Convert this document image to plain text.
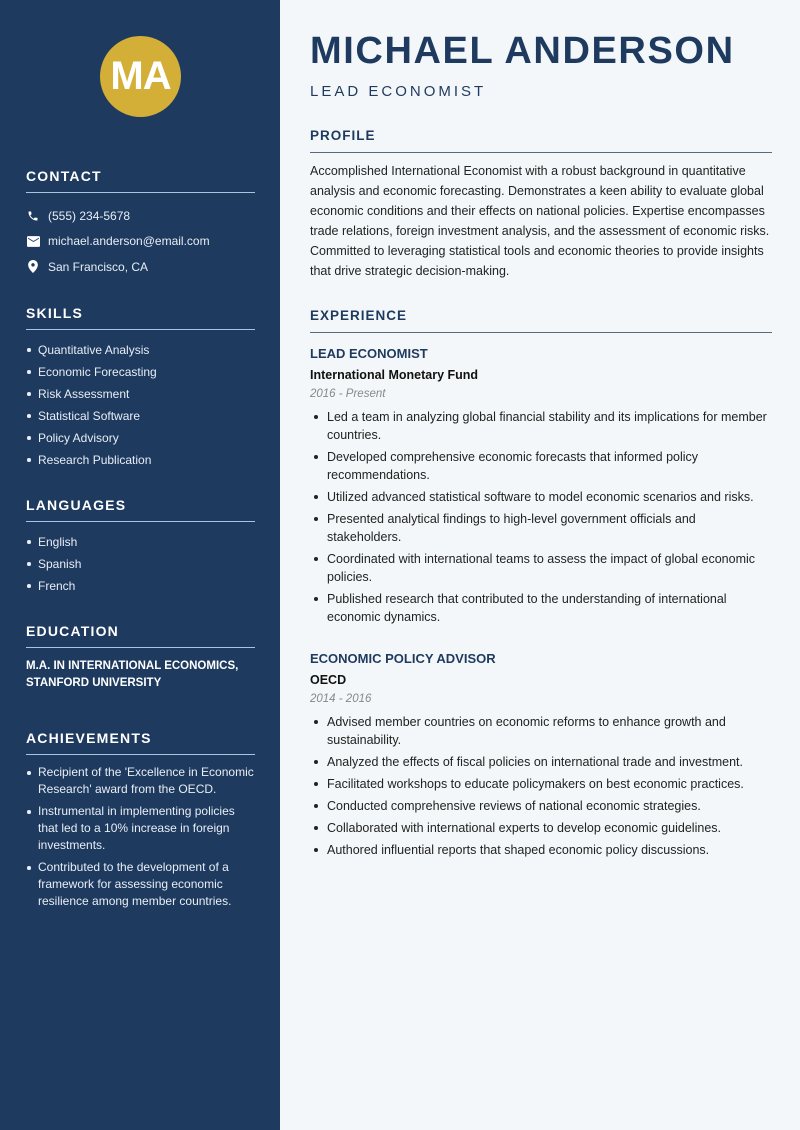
MA
CONTACT
(555) 234-5678
michael.anderson@email.com
San Francisco, CA
SKILLS
Quantitative Analysis
Economic Forecasting
Risk Assessment
Statistical Software
Policy Advisory
Research Publication
LANGUAGES
English
Spanish
French
EDUCATION
M.A. IN INTERNATIONAL ECONOMICS, STANFORD UNIVERSITY
ACHIEVEMENTS
Recipient of the 'Excellence in Economic Research' award from the OECD.
Instrumental in implementing policies that led to a 10% increase in foreign investments.
Contributed to the development of a framework for assessing economic resilience among member countries.
MICHAEL ANDERSON
LEAD ECONOMIST
PROFILE

Accomplished International Economist with a robust background in quantitative analysis and economic forecasting. Demonstrates a keen ability to evaluate global economic conditions and their effects on national policies. Expertise encompasses trade relations, foreign investment analysis, and the assessment of economic risks. Committed to leveraging statistical tools and economic theories to provide insights that drive strategic decision-making.

EXPERIENCE
LEAD ECONOMIST
International Monetary Fund
2016 - Present
Led a team in analyzing global financial stability and its implications for member countries.
Developed comprehensive economic forecasts that informed policy recommendations.
Utilized advanced statistical software to model economic scenarios and risks.
Presented analytical findings to high-level government officials and stakeholders.
Coordinated with international teams to assess the impact of global economic policies.
Published research that contributed to the understanding of international economic dynamics.
ECONOMIC POLICY ADVISOR
OECD
2014 - 2016
Advised member countries on economic reforms to enhance growth and sustainability.
Analyzed the effects of fiscal policies on international trade and investment.
Facilitated workshops to educate policymakers on best economic practices.
Conducted comprehensive reviews of national economic strategies.
Collaborated with international experts to develop economic guidelines.
Authored influential reports that shaped economic policy discussions.
